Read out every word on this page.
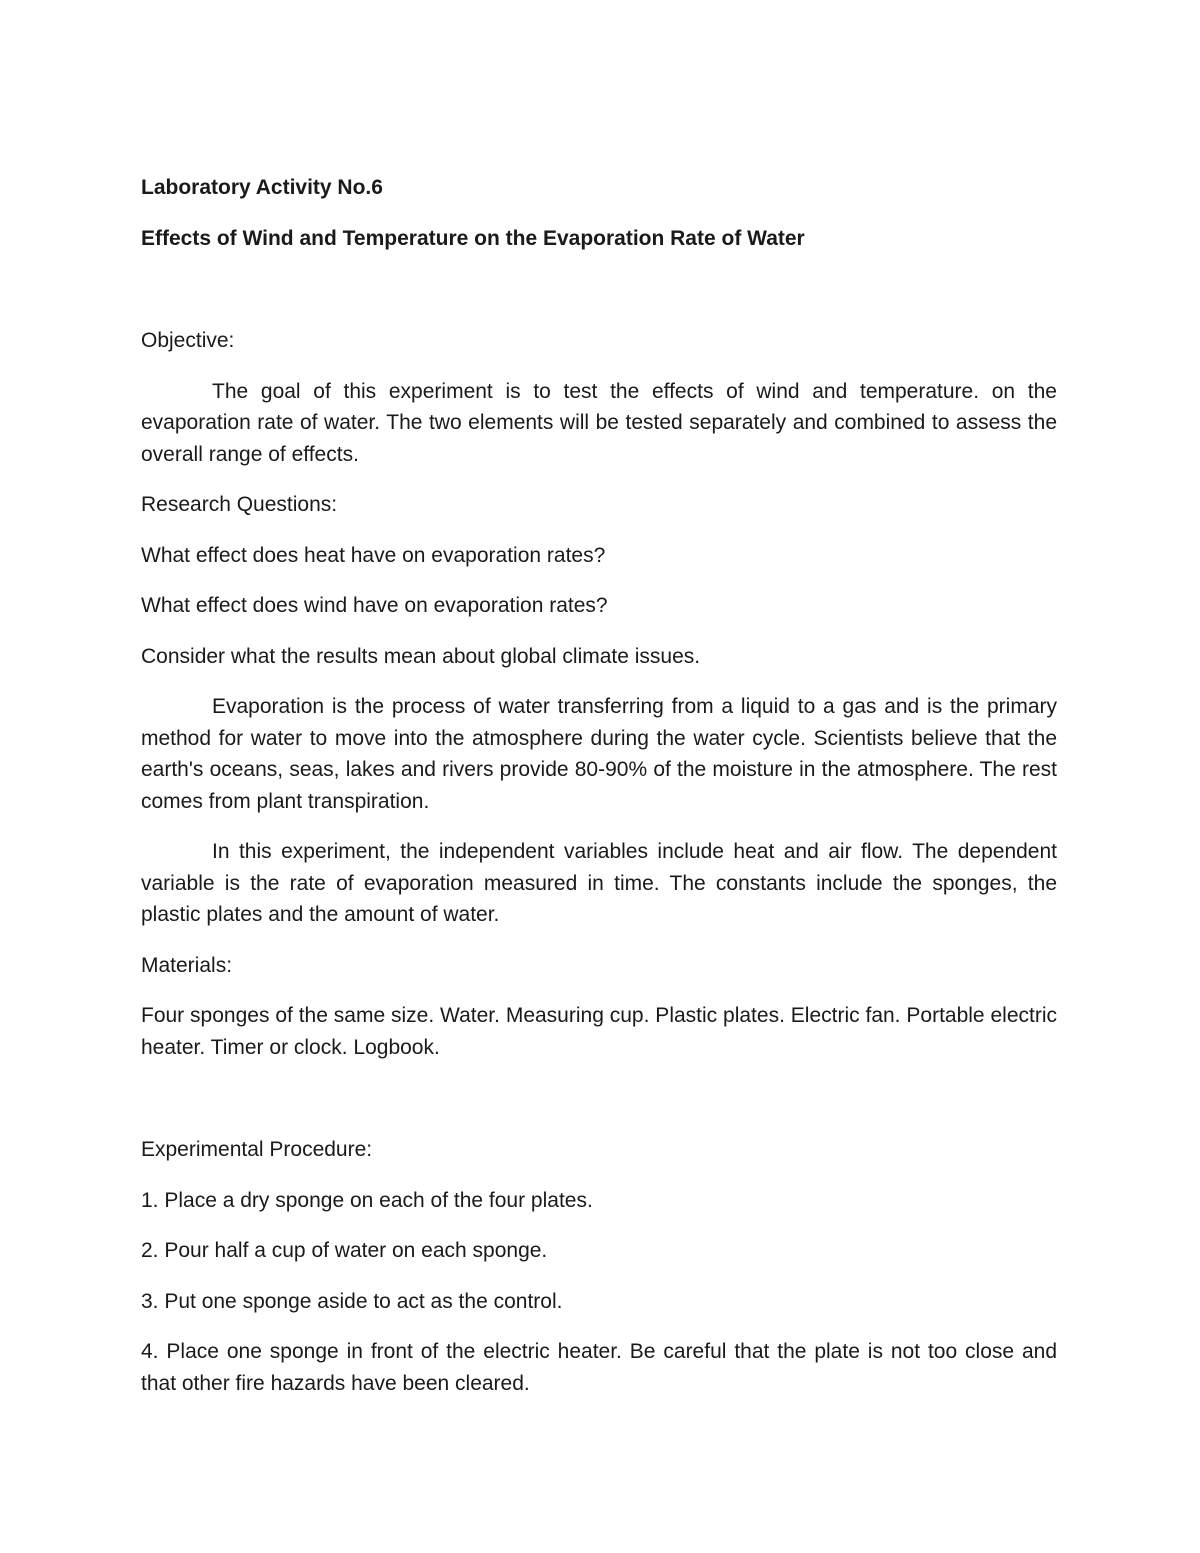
Laboratory Activity No.6

Effects of Wind and Temperature on the Evaporation Rate of Water

Objective:

The goal of this experiment is to test the effects of wind and temperature. on the evaporation rate of water. The two elements will be tested separately and combined to assess the overall range of effects.

Research Questions:

What effect does heat have on evaporation rates?

What effect does wind have on evaporation rates?

Consider what the results mean about global climate issues.

Evaporation is the process of water transferring from a liquid to a gas and is the primary method for water to move into the atmosphere during the water cycle. Scientists believe that the earth's oceans, seas, lakes and rivers provide 80-90% of the moisture in the atmosphere. The rest comes from plant transpiration.

In this experiment, the independent variables include heat and air flow. The dependent variable is the rate of evaporation measured in time. The constants include the sponges, the plastic plates and the amount of water.

Materials:

Four sponges of the same size. Water. Measuring cup. Plastic plates. Electric fan. Portable electric heater. Timer or clock. Logbook.

Experimental Procedure:

1. Place a dry sponge on each of the four plates.

2. Pour half a cup of water on each sponge.

3. Put one sponge aside to act as the control.

4. Place one sponge in front of the electric heater. Be careful that the plate is not too close and that other fire hazards have been cleared.
